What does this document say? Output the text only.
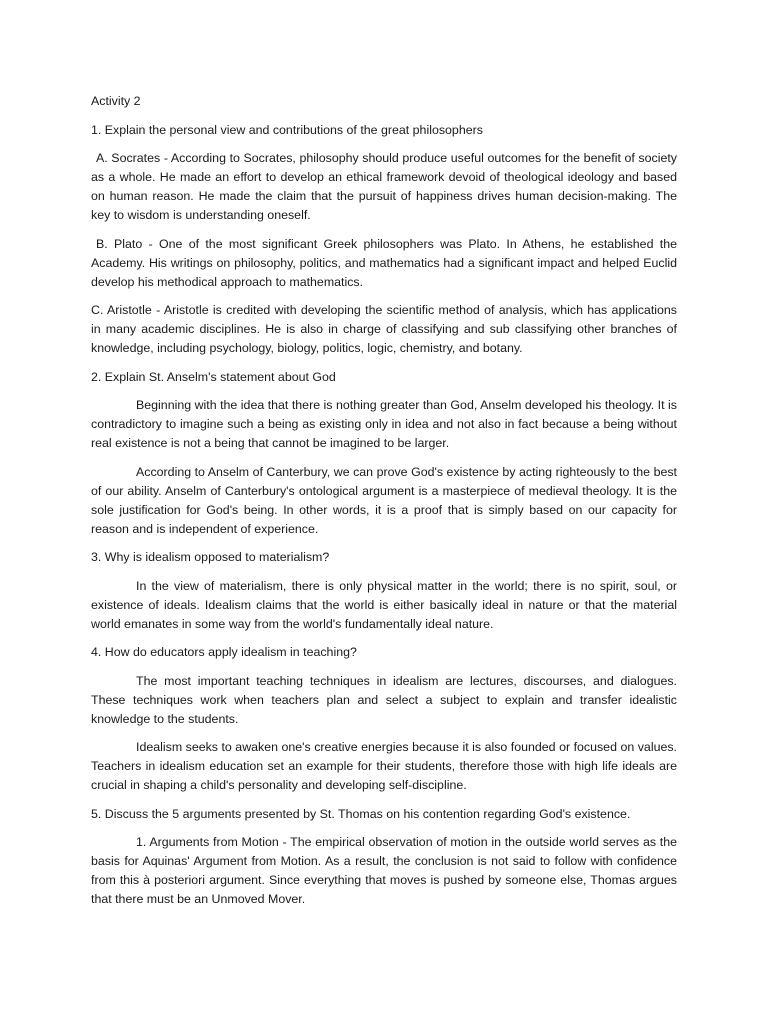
Activity 2

1. Explain the personal view and contributions of the great philosophers

A. Socrates - According to Socrates, philosophy should produce useful outcomes for the benefit of society as a whole. He made an effort to develop an ethical framework devoid of theological ideology and based on human reason. He made the claim that the pursuit of happiness drives human decision-making. The key to wisdom is understanding oneself.

B. Plato - One of the most significant Greek philosophers was Plato. In Athens, he established the Academy. His writings on philosophy, politics, and mathematics had a significant impact and helped Euclid develop his methodical approach to mathematics.

C. Aristotle - Aristotle is credited with developing the scientific method of analysis, which has applications in many academic disciplines. He is also in charge of classifying and sub classifying other branches of knowledge, including psychology, biology, politics, logic, chemistry, and botany.

2. Explain St. Anselm's statement about God

Beginning with the idea that there is nothing greater than God, Anselm developed his theology. It is contradictory to imagine such a being as existing only in idea and not also in fact because a being without real existence is not a being that cannot be imagined to be larger.

According to Anselm of Canterbury, we can prove God's existence by acting righteously to the best of our ability. Anselm of Canterbury's ontological argument is a masterpiece of medieval theology. It is the sole justification for God's being. In other words, it is a proof that is simply based on our capacity for reason and is independent of experience.

3. Why is idealism opposed to materialism?

In the view of materialism, there is only physical matter in the world; there is no spirit, soul, or existence of ideals. Idealism claims that the world is either basically ideal in nature or that the material world emanates in some way from the world's fundamentally ideal nature.

4. How do educators apply idealism in teaching?

The most important teaching techniques in idealism are lectures, discourses, and dialogues. These techniques work when teachers plan and select a subject to explain and transfer idealistic knowledge to the students.

Idealism seeks to awaken one's creative energies because it is also founded or focused on values. Teachers in idealism education set an example for their students, therefore those with high life ideals are crucial in shaping a child's personality and developing self-discipline.

5. Discuss the 5 arguments presented by St. Thomas on his contention regarding God's existence.

1. Arguments from Motion - The empirical observation of motion in the outside world serves as the basis for Aquinas' Argument from Motion. As a result, the conclusion is not said to follow with confidence from this à posteriori argument. Since everything that moves is pushed by someone else, Thomas argues that there must be an Unmoved Mover.
